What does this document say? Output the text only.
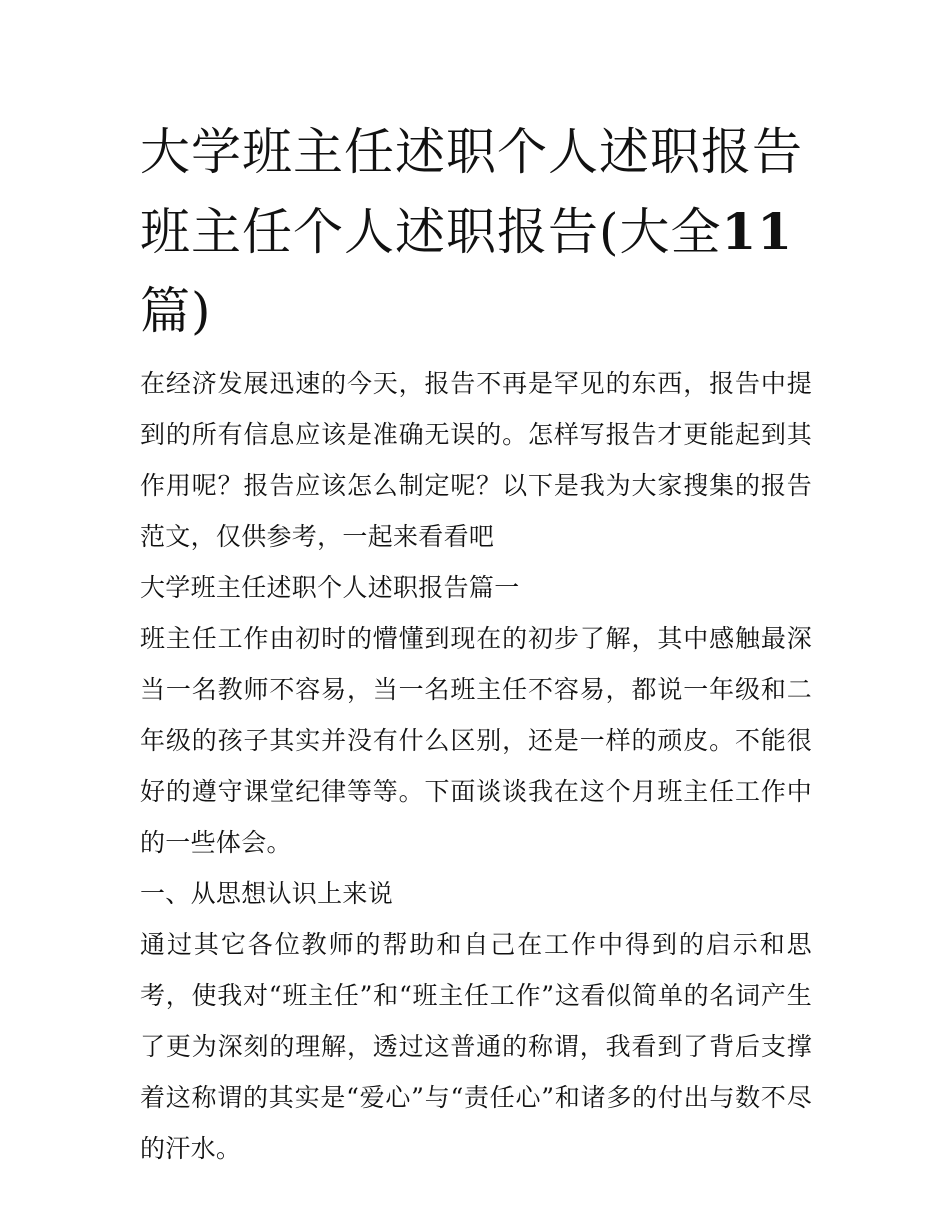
大学班主任述职个人述职报告班主任个人述职报告(大全11
篇)

在经济发展迅速的今天，报告不再是罕见的东西，报告中提到的所有信息应该是准确无误的。怎样写报告才更能起到其作用呢？报告应该怎么制定呢？以下是我为大家搜集的报告范文，仅供参考，一起来看看吧

大学班主任述职个人述职报告篇一

班主任工作由初时的懵懂到现在的初步了解，其中感触最深当一名教师不容易，当一名班主任不容易，都说一年级和二年级的孩子其实并没有什么区别，还是一样的顽皮。不能很好的遵守课堂纪律等等。下面谈谈我在这个月班主任工作中的一些体会。

一、从思想认识上来说

通过其它各位教师的帮助和自己在工作中得到的启示和思考，使我对“班主任”和“班主任工作”这看似简单的名词产生了更为深刻的理解，透过这普通的称谓，我看到了背后支撑着这称谓的其实是“爱心”与“责任心”和诸多的付出与数不尽的汗水。
